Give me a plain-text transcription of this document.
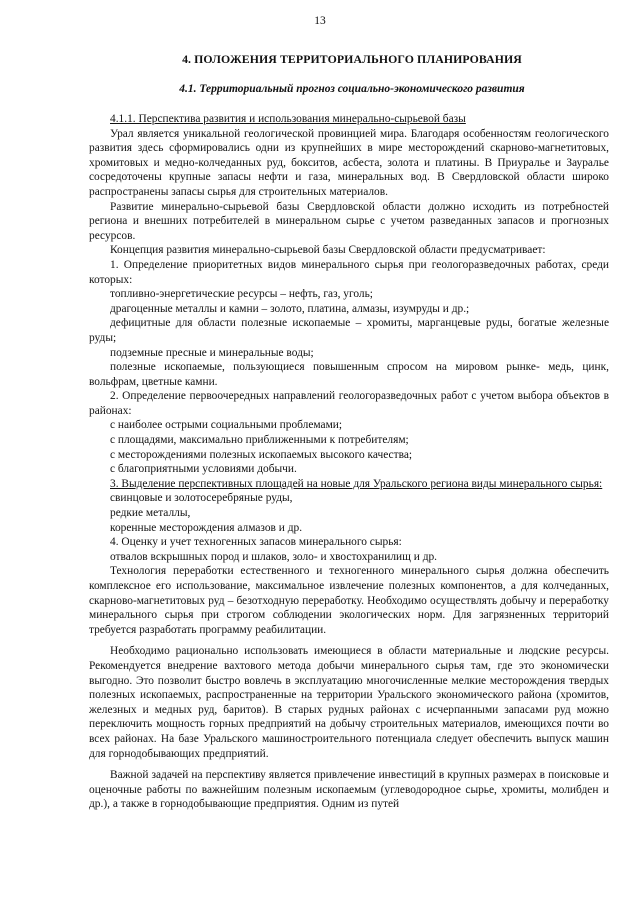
13
4. ПОЛОЖЕНИЯ ТЕРРИТОРИАЛЬНОГО ПЛАНИРОВАНИЯ
4.1. Территориальный прогноз социально-экономического развития

4.1.1. Перспектива развития и использования минерально-сырьевой базы

Урал является уникальной геологической провинцией мира. Благодаря особенностям геологического развития здесь сформировались одни из крупнейших в мире месторождений скарново-магнетитовых, хромитовых и медно-колчеданных руд, бокситов, асбеста, золота и платины. В Приуралье и Зауралье сосредоточены крупные запасы нефти и газа, минеральных вод. В Свердловской области широко распространены запасы сырья для строительных материалов.

Развитие минерально-сырьевой базы Свердловской области должно исходить из потребностей региона и внешних потребителей в минеральном сырье с учетом разведанных запасов и прогнозных ресурсов.

Концепция развития минерально-сырьевой базы Свердловской области предусматривает:

1. Определение приоритетных видов минерального сырья при геологоразведочных работах, среди которых:

топливно-энергетические ресурсы – нефть, газ, уголь;

драгоценные металлы и камни – золото, платина, алмазы, изумруды и др.;

дефицитные для области полезные ископаемые – хромиты, марганцевые руды, богатые железные руды;

подземные пресные и минеральные воды;

полезные ископаемые, пользующиеся повышенным спросом на мировом рынке- медь, цинк, вольфрам, цветные камни.

2. Определение первоочередных направлений геологоразведочных работ с учетом выбора объектов в районах:

с наиболее острыми социальными проблемами;

с площадями, максимально приближенными к потребителям;

с месторождениями полезных ископаемых высокого качества;

с благоприятными условиями добычи.

3. Выделение перспективных площадей на новые для Уральского региона виды минерального сырья:

свинцовые и золотосеребряные руды,

редкие металлы,

коренные месторождения алмазов и др.

4. Оценку и учет техногенных запасов минерального сырья:

отвалов вскрышных пород и шлаков, золо- и хвостохранилищ и др.

Технология переработки естественного и техногенного минерального сырья должна обеспечить комплексное его использование, максимальное извлечение полезных компонентов, а для колчеданных, скарново-магнетитовых руд – безотходную переработку. Необходимо осуществлять добычу и переработку минерального сырья при строгом соблюдении экологических норм. Для загрязненных территорий требуется разработать программу реабилитации.

Необходимо рационально использовать имеющиеся в области материальные и людские ресурсы. Рекомендуется внедрение вахтового метода добычи минерального сырья там, где это экономически выгодно. Это позволит быстро вовлечь в эксплуатацию многочисленные мелкие месторождения твердых полезных ископаемых, распространенные на территории Уральского экономического района (хромитов, железных и медных руд, баритов). В старых рудных районах с исчерпанными запасами руд можно переключить мощность горных предприятий на добычу строительных материалов, имеющихся почти во всех районах. На базе Уральского машиностроительного потенциала следует обеспечить выпуск машин для горнодобывающих предприятий.

Важной задачей на перспективу является привлечение инвестиций в крупных размерах в поисковые и оценочные работы по важнейшим полезным ископаемым (углеводородное сырье, хромиты, молибден и др.), а также в горнодобывающие предприятия. Одним из путей
